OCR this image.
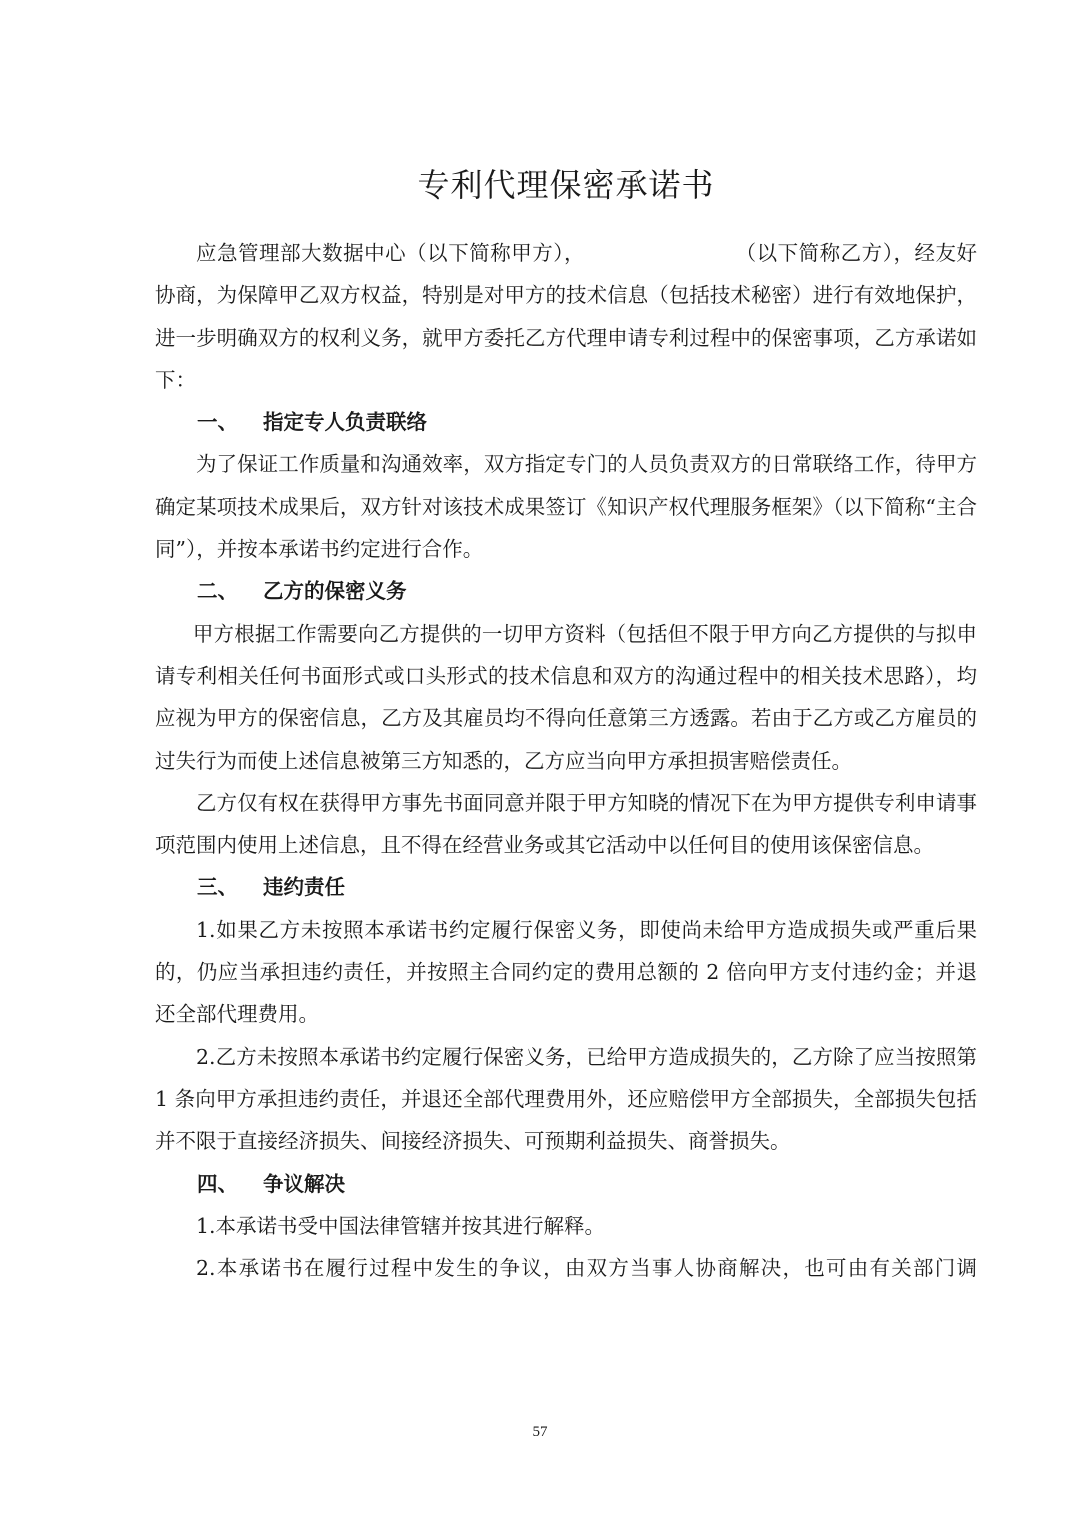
专利代理保密承诺书

应急管理部大数据中心（以下简称甲方），	（以下简称乙方），经友好协商，为保障甲乙双方权益，特别是对甲方的技术信息（包括技术秘密）进行有效地保护，进一步明确双方的权利义务，就甲方委托乙方代理申请专利过程中的保密事项，乙方承诺如下：

一、 指定专人负责联络

为了保证工作质量和沟通效率，双方指定专门的人员负责双方的日常联络工作，待甲方确定某项技术成果后，双方针对该技术成果签订《知识产权代理服务框架》（以下简称“主合同”），并按本承诺书约定进行合作。

二、 乙方的保密义务

甲方根据工作需要向乙方提供的一切甲方资料（包括但不限于甲方向乙方提供的与拟申请专利相关任何书面形式或口头形式的技术信息和双方的沟通过程中的相关技术思路），均应视为甲方的保密信息，乙方及其雇员均不得向任意第三方透露。若由于乙方或乙方雇员的过失行为而使上述信息被第三方知悉的，乙方应当向甲方承担损害赔偿责任。

乙方仅有权在获得甲方事先书面同意并限于甲方知晓的情况下在为甲方提供专利申请事项范围内使用上述信息，且不得在经营业务或其它活动中以任何目的使用该保密信息。

三、 违约责任

1.如果乙方未按照本承诺书约定履行保密义务，即使尚未给甲方造成损失或严重后果的，仍应当承担违约责任，并按照主合同约定的费用总额的 2 倍向甲方支付违约金；并退还全部代理费用。

2.乙方未按照本承诺书约定履行保密义务，已给甲方造成损失的，乙方除了应当按照第 1 条向甲方承担违约责任，并退还全部代理费用外，还应赔偿甲方全部损失，全部损失包括并不限于直接经济损失、间接经济损失、可预期利益损失、商誉损失。

四、 争议解决

1.本承诺书受中国法律管辖并按其进行解释。

2.本承诺书在履行过程中发生的争议，由双方当事人协商解决，也可由有关部门调

57
